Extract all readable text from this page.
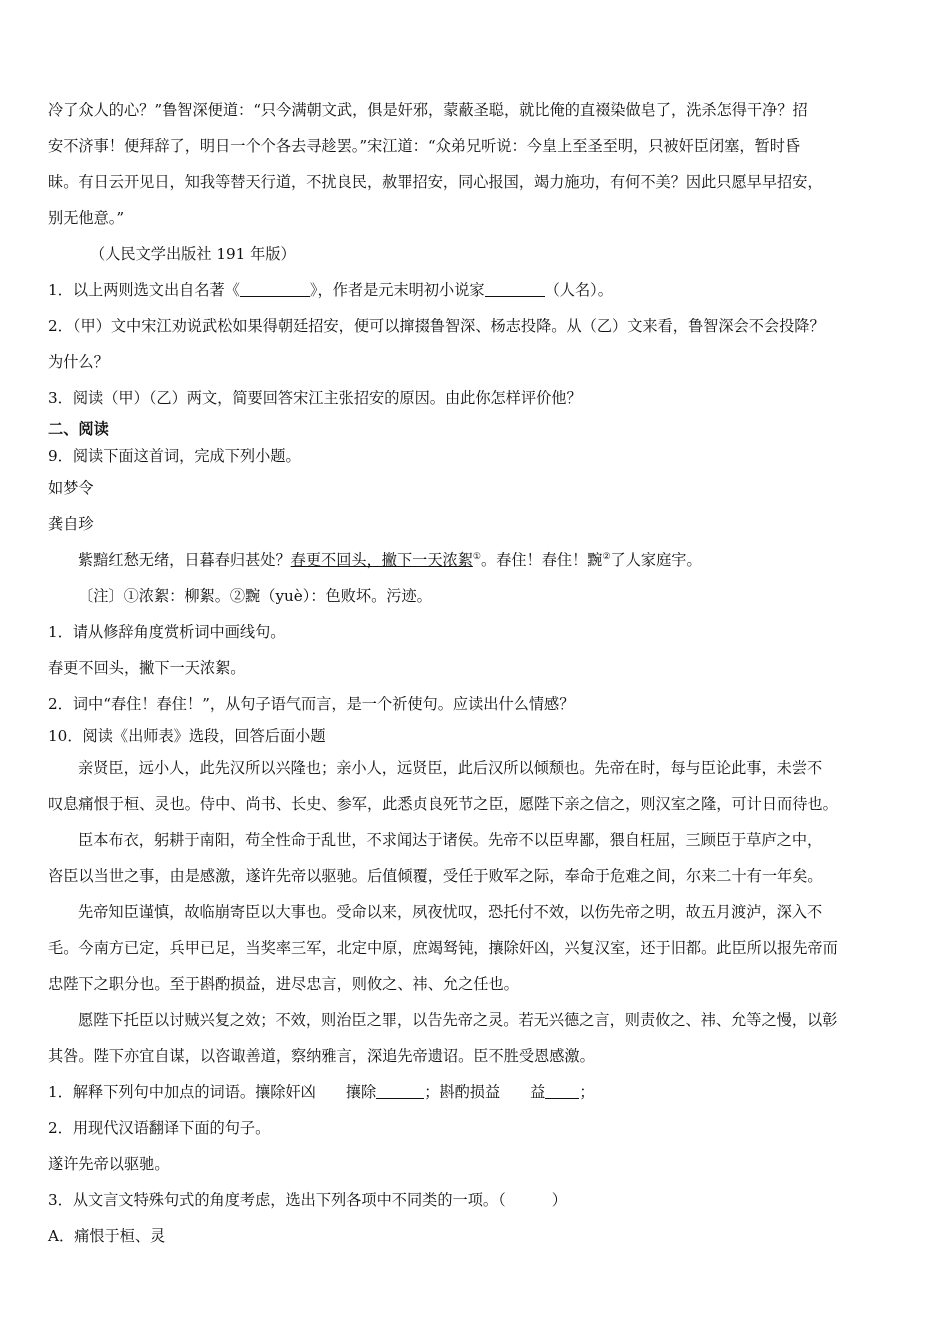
冷了众人的心？”鲁智深便道：“只今满朝文武，俱是奸邪，蒙蔽圣聪，就比俺的直裰染做皂了，洗杀怎得干净？招

安不济事！便拜辞了，明日一个个各去寻趁罢。”宋江道：“众弟兄听说：今皇上至圣至明，只被奸臣闭塞，暂时昏

昧。有日云开见日，知我等替天行道，不扰良民，赦罪招安，同心报国，竭力施功，有何不美？因此只愿早早招安，

别无他意。”

（人民文学出版社 191 年版）

1．以上两则选文出自名著《	》，作者是元末明初小说家	（人名）。

2．（甲）文中宋江劝说武松如果得朝廷招安，便可以撺掇鲁智深、杨志投降。从（乙）文来看，鲁智深会不会投降？

为什么？

3．阅读（甲）（乙）两文，简要回答宋江主张招安的原因。由此你怎样评价他？

二、阅读

9．阅读下面这首词，完成下列小题。

如梦令

龚自珍

紫黯红愁无绪，日暮春归甚处？春更不回头，撇下一天浓絮①。春住！春住！黦②了人家庭宇。

〔注〕①浓絮：柳絮。②黦（yuè）：色败坏。污迹。

1．请从修辞角度赏析词中画线句。

春更不回头，撇下一天浓絮。

2．词中“春住！春住！”，从句子语气而言，是一个祈使句。应读出什么情感？

10．阅读《出师表》选段，回答后面小题

亲贤臣，远小人，此先汉所以兴隆也；亲小人，远贤臣，此后汉所以倾颓也。先帝在时，每与臣论此事，未尝不

叹息痛恨于桓、灵也。侍中、尚书、长史、参军，此悉贞良死节之臣，愿陛下亲之信之，则汉室之隆，可计日而待也。

臣本布衣，躬耕于南阳，苟全性命于乱世，不求闻达于诸侯。先帝不以臣卑鄙，猥自枉屈，三顾臣于草庐之中，

咨臣以当世之事，由是感激，遂许先帝以驱驰。后值倾覆，受任于败军之际，奉命于危难之间，尔来二十有一年矣。

先帝知臣谨慎，故临崩寄臣以大事也。受命以来，夙夜忧叹，恐托付不效，以伤先帝之明，故五月渡泸，深入不

毛。今南方已定，兵甲已足，当奖率三军，北定中原，庶竭驽钝，攘除奸凶，兴复汉室，还于旧都。此臣所以报先帝而

忠陛下之职分也。至于斟酌损益，进尽忠言，则攸之、祎、允之任也。

愿陛下托臣以讨贼兴复之效；不效，则治臣之罪，以告先帝之灵。若无兴德之言，则责攸之、祎、允等之慢，以彰

其咎。陛下亦宜自谋，以咨诹善道，察纳雅言，深追先帝遗诏。臣不胜受恩感激。

1．解释下列句中加点的词语。攘除奸凶 攘除	；斟酌损益 益 ；

2．用现代汉语翻译下面的句子。

遂许先帝以驱驰。

3．从文言文特殊句式的角度考虑，选出下列各项中不同类的一项。（	）

A．痛恨于桓、灵
